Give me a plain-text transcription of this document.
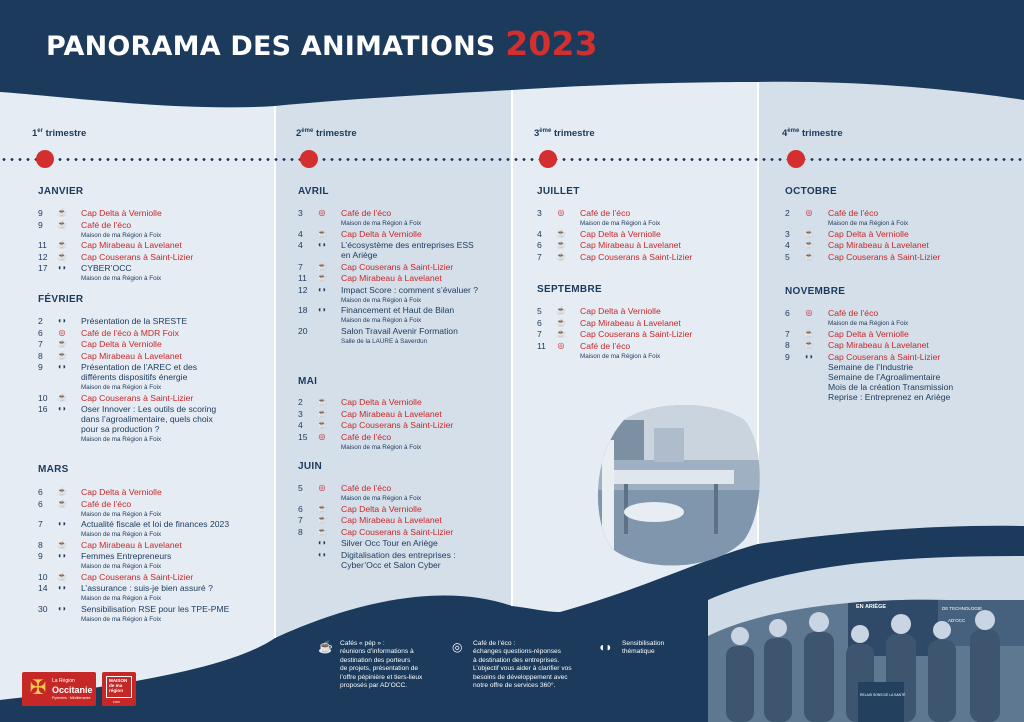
PANORAMA DES ANIMATIONS 2023
1er trimestre	2ème trimestre	3ème trimestre	4ème trimestre
JANVIER
9	☕ Cap Delta à Verniolle
9	☕ Café de l’éco
Maison de ma Région à Foix
11	☕ Cap Mirabeau à Lavelanet
12	☕ Cap Couserans à Saint-Lizier
17	◖◗ CYBER’OCC
Maison de ma Région à Foix
FÉVRIER
2	◖◗ Présentation de la SRESTE
6	◎ Café de l’éco à MDR Foix
7	☕ Cap Delta à Verniolle
8	☕ Cap Mirabeau à Lavelanet
9	◖◗ Présentation de l’AREC et des
différents dispositifs énergie
Maison de ma Région à Foix
10	☕ Cap Couserans à Saint-Lizier
16	◖◗ Oser Innover : Les outils de scoring
dans l’agroalimentaire, quels choix
pour sa production ?
Maison de ma Région à Foix
MARS
6	☕ Cap Delta à Verniolle
6	☕ Café de l’éco
Maison de ma Région à Foix
7	◖◗ Actualité fiscale et loi de finances 2023
Maison de ma Région à Foix
8	☕ Cap Mirabeau à Lavelanet
9	◖◗ Femmes Entrepreneurs
Maison de ma Région à Foix
10	☕ Cap Couserans à Saint-Lizier
14	◖◗ L’assurance : suis-je bien assuré ?
Maison de ma Région à Foix
30	◖◗ Sensibilisation RSE pour les TPE-PME
Maison de ma Région à Foix
AVRIL
3	◎ Café de l’éco
Maison de ma Région à Foix
4	☕ Cap Delta à Verniolle
4	◖◗ L’écosystème des entreprises ESS
en Ariège
7	☕ Cap Couserans à Saint-Lizier
11	☕ Cap Mirabeau à Lavelanet
12	◖◗ Impact Score : comment s’évaluer ?
Maison de ma Région à Foix
18	◖◗ Financement et Haut de Bilan
Maison de ma Région à Foix
20	Salon Travail Avenir Formation
Salle de la LAURE à Saverdun
MAI
2	☕ Cap Delta à Verniolle
3	☕ Cap Mirabeau à Lavelanet
4	☕ Cap Couserans à Saint-Lizier
15	◎ Café de l’éco
Maison de ma Région à Foix
JUIN
5	◎ Café de l’éco
Maison de ma Région à Foix
6	☕ Cap Delta à Verniolle
7	☕ Cap Mirabeau à Lavelanet
8	☕ Cap Couserans à Saint-Lizier
◖◗ Silver Occ Tour en Ariège
◖◗ Digitalisation des entreprises :
Cyber’Occ et Salon Cyber
JUILLET
3	◎ Café de l’éco
Maison de ma Région à Foix
4	☕ Cap Delta à Verniolle
6	☕ Cap Mirabeau à Lavelanet
7	☕ Cap Couserans à Saint-Lizier
SEPTEMBRE
5	☕ Cap Delta à Verniolle
6	☕ Cap Mirabeau à Lavelanet
7	☕ Cap Couserans à Saint-Lizier
11	◎ Café de l’éco
Maison de ma Région à Foix
OCTOBRE
2	◎ Café de l’éco
Maison de ma Région à Foix
3	☕ Cap Delta à Verniolle
4	☕ Cap Mirabeau à Lavelanet
5	☕ Cap Couserans à Saint-Lizier
NOVEMBRE
6	◎ Café de l’éco
Maison de ma Région à Foix
7	☕ Cap Delta à Verniolle
8	☕ Cap Mirabeau à Lavelanet
9	◖◗ Cap Couserans à Saint-Lizier
Semaine de l’Industrie
Semaine de l’Agroalimentaire
Mois de la création Transmission
Reprise : Entreprenez en Ariège
EN ARIÈGE	DE TECHNOLOGIE
AD’OCC
RELAIS SONS DE LA SANTÉ
☕ Cafés « pép » :
réunions d’informations à
destination des porteurs
de projets, présentation de
l’offre pépinière et tiers-lieux
proposés par AD’OCC.
◎ Café de l’éco :
échanges questions-réponses
à destination des entreprises.
L’objectif vous aider à clarifier vos
besoins de développement avec
notre offre de services 360°.
◖◗ Sensibilisation
thématique
✠	La Région
Occitanie
Pyrénées · Méditerranée
MAISON
de ma
région
FOIX
